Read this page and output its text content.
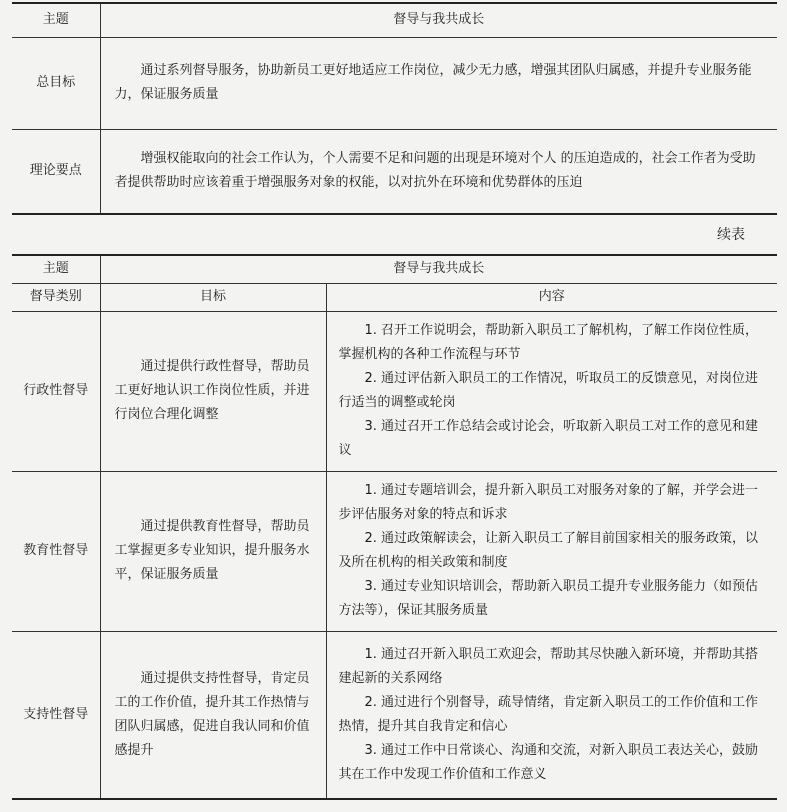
主题	督导与我共成长
总目标	通过系列督导服务，协助新员工更好地适应工作岗位，减少无力感，增强其团队归属感，并提升专业服务能力，保证服务质量
理论要点	增强权能取向的社会工作认为，个人需要不足和问题的出现是环境对个人 的压迫造成的，社会工作者为受助者提供帮助时应该着重于增强服务对象的权能，以对抗外在环境和优势群体的压迫
续表
主题	督导与我共成长	
督导类别	目标	内容
行政性督导	通过提供行政性督导，帮助员工更好地认识工作岗位性质，并进行岗位合理化调整	1. 召开工作说明会，帮助新入职员工了解机构，了解工作岗位性质，掌握机构的各种工作流程与环节

2. 通过评估新入职员工的工作情况，听取员工的反馈意见，对岗位进行适当的调整或轮岗

3. 通过召开工作总结会或讨论会，听取新入职员工对工作的意见和建议

教育性督导	通过提供教育性督导，帮助员工掌握更多专业知识，提升服务水平，保证服务质量	1. 通过专题培训会，提升新入职员工对服务对象的了解，并学会进一步评估服务对象的特点和诉求

2. 通过政策解读会，让新入职员工了解目前国家相关的服务政策，以及所在机构的相关政策和制度

3. 通过专业知识培训会，帮助新入职员工提升专业服务能力（如预估方法等），保证其服务质量

支持性督导	通过提供支持性督导，肯定员工的工作价值，提升其工作热情与团队归属感，促进自我认同和价值感提升	1. 通过召开新入职员工欢迎会，帮助其尽快融入新环境，并帮助其搭建起新的关系网络

2. 通过进行个别督导，疏导情绪，肯定新入职员工的工作价值和工作热情，提升其自我肯定和信心

3. 通过工作中日常谈心、沟通和交流，对新入职员工表达关心，鼓励其在工作中发现工作价值和工作意义
